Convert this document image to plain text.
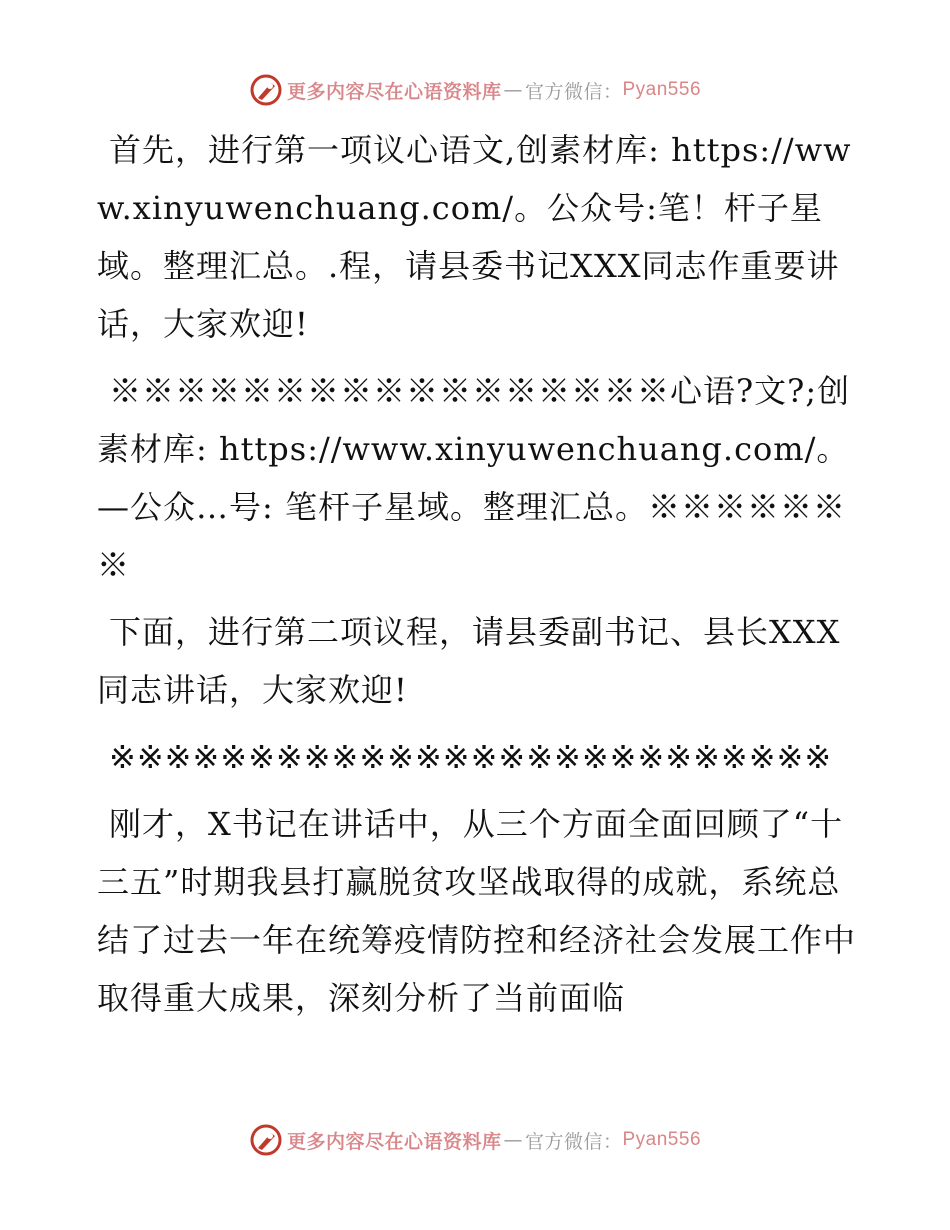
更多内容尽在心语资料库 — 官方微信： Pyan556

首先，进行第一项议心语文,创素材库: https://www.xinyuwenchuang.com/。公众号:笔！杆子星域。整理汇总。.程，请县委书记XXX同志作重要讲话，大家欢迎!

※※※※※※※※※※※※※※※※※心语?文?;创素材库: https://www.xinyuwenchuang.com/。—公众…号: 笔杆子星域。整理汇总。※※※※※※※

下面，进行第二项议程，请县委副书记、县长XXX同志讲话，大家欢迎!

※※※※※※※※※※※※※※※※※※※※※※※※※※

刚才，X书记在讲话中，从三个方面全面回顾了“十三五”时期我县打赢脱贫攻坚战取得的成就，系统总结了过去一年在统筹疫情防控和经济社会发展工作中取得重大成果，深刻分析了当前面临

更多内容尽在心语资料库 — 官方微信： Pyan556
